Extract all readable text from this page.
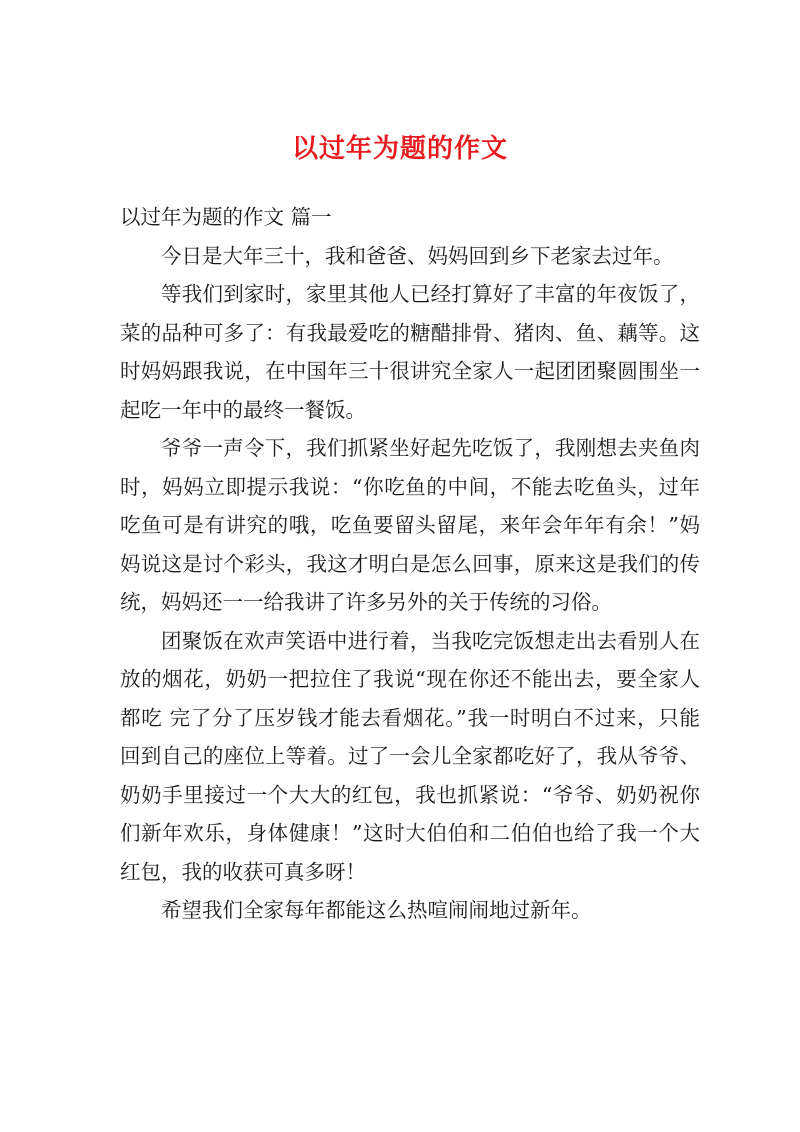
以过年为题的作文

以过年为题的作文 篇一

今日是大年三十，我和爸爸、妈妈回到乡下老家去过年。

等我们到家时，家里其他人已经打算好了丰富的年夜饭了，菜的品种可多了：有我最爱吃的糖醋排骨、猪肉、鱼、藕等。这时妈妈跟我说，在中国年三十很讲究全家人一起团团聚圆围坐一起吃一年中的最终一餐饭。

爷爷一声令下，我们抓紧坐好起先吃饭了，我刚想去夹鱼肉时，妈妈立即提示我说：“你吃鱼的中间，不能去吃鱼头，过年吃鱼可是有讲究的哦，吃鱼要留头留尾，来年会年年有余！”妈妈说这是讨个彩头，我这才明白是怎么回事，原来这是我们的传统，妈妈还一一给我讲了许多另外的关于传统的习俗。

团聚饭在欢声笑语中进行着，当我吃完饭想走出去看别人在放的烟花，奶奶一把拉住了我说“现在你还不能出去，要全家人都吃 完了分了压岁钱才能去看烟花。”我一时明白不过来，只能回到自己的座位上等着。过了一会儿全家都吃好了，我从爷爷、奶奶手里接过一个大大的红包，我也抓紧说：“爷爷、奶奶祝你们新年欢乐，身体健康！”这时大伯伯和二伯伯也给了我一个大红包，我的收获可真多呀！

希望我们全家每年都能这么热喧闹闹地过新年。
